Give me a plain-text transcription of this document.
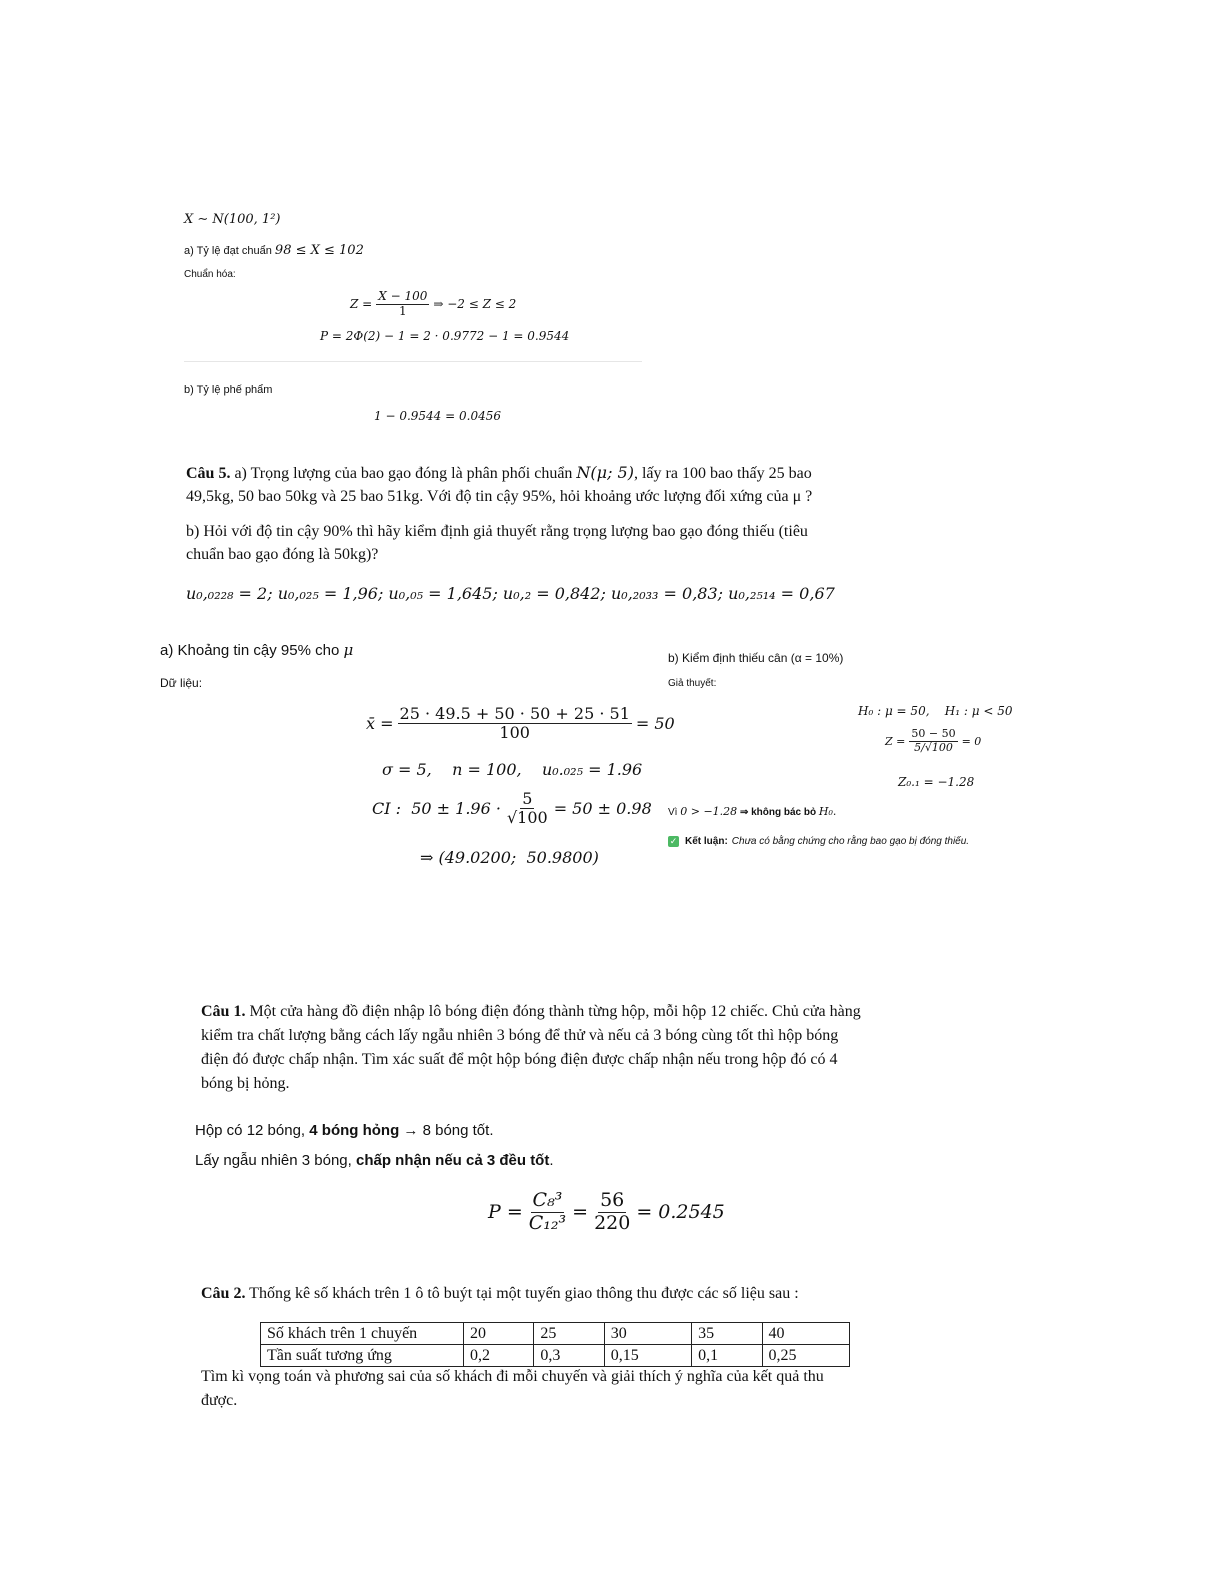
X ∼ N(100, 1²)
a) Tỷ lệ đạt chuẩn 98 ≤ X ≤ 102
Chuẩn hóa:
$Z = \frac{X - 100}{1}$ ⇒ −2 ≤ Z ≤ 2
P = 2Φ(2) − 1 = 2 · 0.9772 − 1 = 0.9544
b) Tỷ lệ phế phẩm
1 − 0.9544 = 0.0456
Câu 5. a) Trọng lượng của bao gạo đóng là phân phối chuẩn N(μ; 5), lấy ra 100 bao thấy 25 bao
49,5kg, 50 bao 50kg và 25 bao 51kg. Với độ tin cậy 95%, hỏi khoảng ước lượng đối xứng của μ ?
b) Hỏi với độ tin cậy 90% thì hãy kiểm định giả thuyết rằng trọng lượng bao gạo đóng thiếu (tiêu
chuẩn bao gạo đóng là 50kg)?
u₀,₀₂₂₈ = 2; u₀,₀₂₅ = 1,96; u₀,₀₅ = 1,645; u₀,₂ = 0,842; u₀,₂₀₃₃ = 0,83; u₀,₂₅₁₄ = 0,67
a) Khoảng tin cậy 95% cho μ
Dữ liệu:
x̄ = $\frac{25 \cdot 49.5 + 50 \cdot 50 + 25 \cdot 51}{100} = 50$
σ = 5,    n = 100,    u₀.₀₂₅ = 1.96
CI :  $50 \pm 1.96 \cdot \frac{5}{√100} = 50 \pm 0.98$
⇒ (49.0200;  50.9800)
b) Kiểm định thiếu cân (α = 10%)
Giả thuyết:
H₀ : μ = 50,    H₁ : μ < 50
$Z = \frac{50 - 50}{5/√100} = 0$
Z₀.₁ = −1.28
Vì 0 > −1.28 ⇒ không bác bỏ H₀.
✓ Kết luận: Chưa có bằng chứng cho rằng bao gạo bị đóng thiếu.
Câu 1. Một cửa hàng đồ điện nhập lô bóng điện đóng thành từng hộp, mỗi hộp 12 chiếc. Chủ cửa hàng
kiểm tra chất lượng bằng cách lấy ngẫu nhiên 3 bóng để thử và nếu cả 3 bóng cùng tốt thì hộp bóng
điện đó được chấp nhận. Tìm xác suất để một hộp bóng điện được chấp nhận nếu trong hộp đó có 4
bóng bị hỏng.
Hộp có 12 bóng, 4 bóng hỏng → 8 bóng tốt.
Lấy ngẫu nhiên 3 bóng, chấp nhận nếu cả 3 đều tốt.
$P = \frac{\text{C₈³}}{\text{C₁₂³}} = \frac{56}{220} = 0.2545$
Câu 2. Thống kê số khách trên 1 ô tô buýt tại một tuyến giao thông thu được các số liệu sau :
Số khách trên 1 chuyến	20	25	30	35	40
Tần suất tương ứng	0,2	0,3	0,15	0,1	0,25
Tìm kì vọng toán và phương sai của số khách đi mỗi chuyến và giải thích ý nghĩa của kết quả thu
được.
